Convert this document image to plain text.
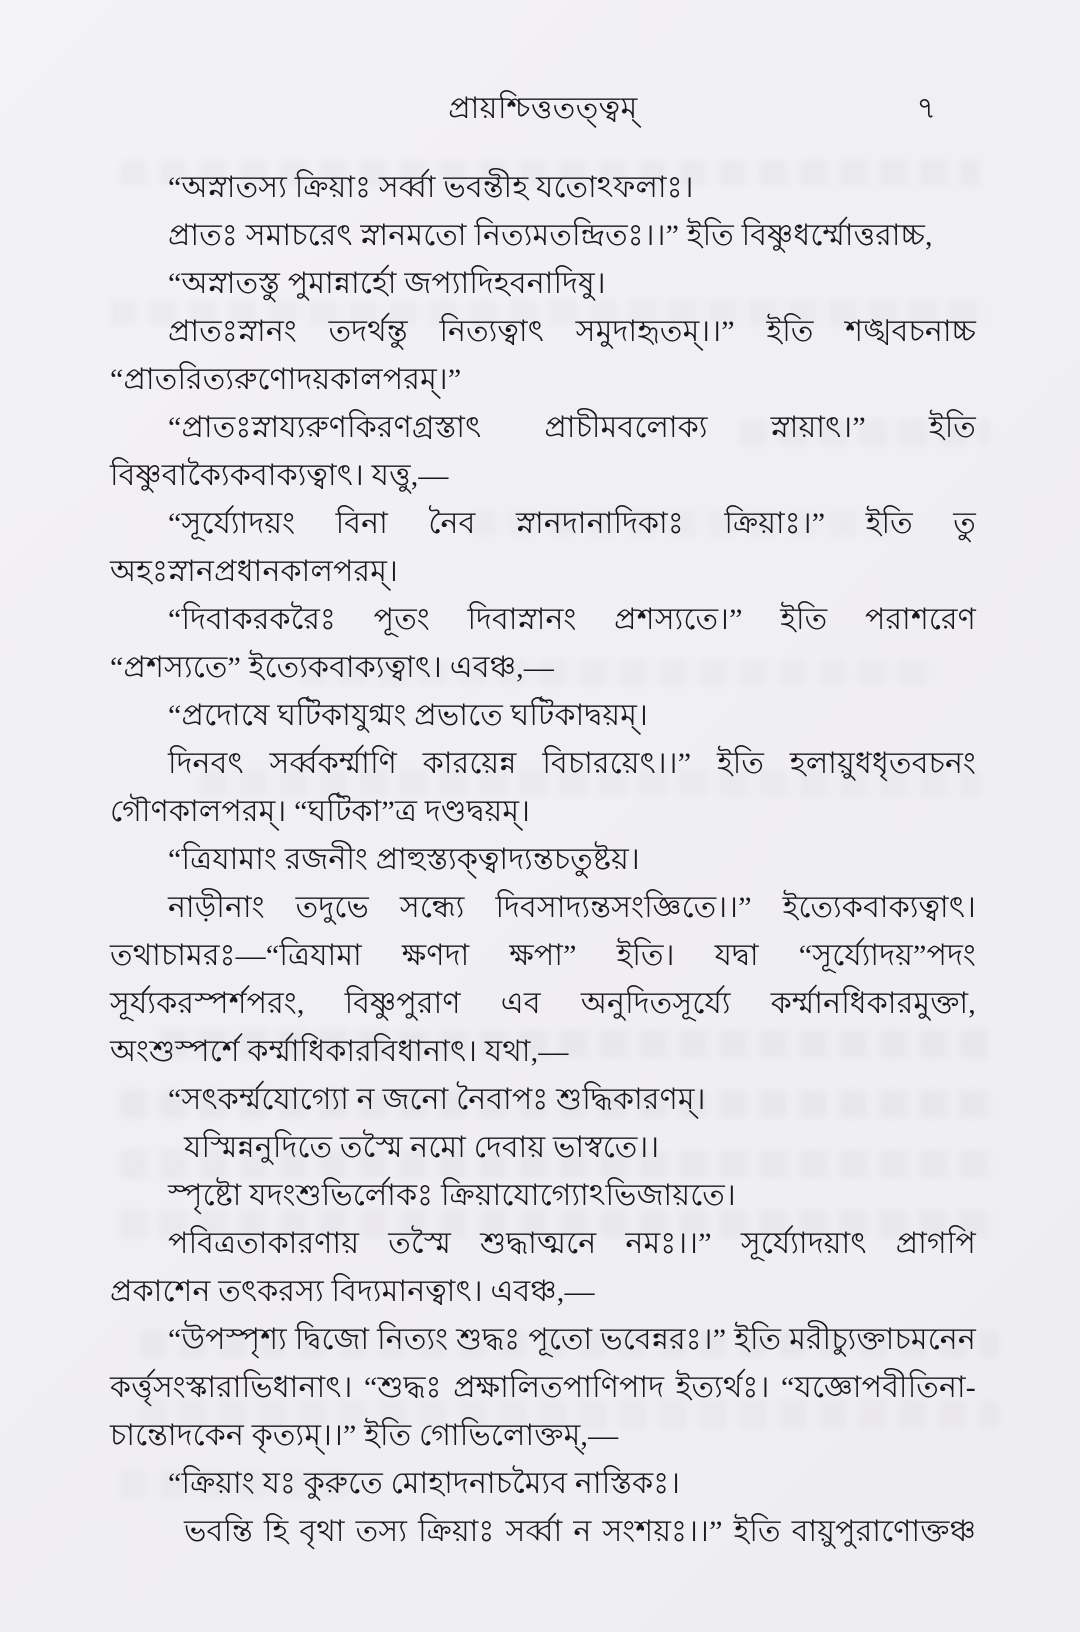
প্রায়শ্চিত্ততত্ত্বম্	৭
“অস্নাতস্য ক্রিয়াঃ সর্ব্বা ভবন্তীহ যতোঽফলাঃ।
প্রাতঃ সমাচরেৎ স্নানমতো নিত্যমতন্দ্রিতঃ।।” ইতি বিষ্ণুধর্ম্মোত্তরাচ্চ,
“অস্নাতস্তু পুমান্নার্হো জপ্যাদিহবনাদিষু।
প্রাতঃস্নানং তদর্থন্তু নিত্যত্বাৎ সমুদাহৃতম্।।” ইতি শঙ্খবচনাচ্চ
“প্রাতরিত্যরুণোদয়কালপরম্।”
“প্রাতঃস্নায্যরুণকিরণগ্রস্তাৎ প্রাচীমবলোক্য স্নায়াৎ।” ইতি
বিষ্ণুবাক্যৈকবাক্যত্বাৎ। যত্তু,—
“সূর্য্যোদয়ং বিনা নৈব স্নানদানাদিকাঃ ক্রিয়াঃ।” ইতি তু
অহঃস্নানপ্রধানকালপরম্।
“দিবাকরকরৈঃ পূতং দিবাস্নানং প্রশস্যতে।” ইতি পরাশরেণ
“প্রশস্যতে” ইত্যেকবাক্যত্বাৎ। এবঞ্চ,—
“প্রদোষে ঘটিকাযুগ্মং প্রভাতে ঘটিকাদ্বয়ম্।
দিনবৎ সর্ব্বকর্ম্মাণি কারয়েন্ন বিচারয়েৎ।।” ইতি হলায়ুধধৃতবচনং
গৌণকালপরম্। “ঘটিকা”ত্র দণ্ডদ্বয়ম্।
“ত্রিযামাং রজনীং প্রাহুস্ত্যক্ত্বাদ্যন্তচতুষ্টয়।
নাড়ীনাং তদুভে সন্ধ্যে দিবসাদ্যন্তসংজ্ঞিতে।।” ইত্যেকবাক্যত্বাৎ।
তথাচামরঃ—“ত্রিযামা ক্ষণদা ক্ষপা” ইতি। যদ্বা “সূর্য্যোদয়”পদং
সূর্য্যকরস্পর্শপরং, বিষ্ণুপুরাণ এব অনুদিতসূর্য্যে কর্ম্মানধিকারমুক্তা,
অংশুস্পর্শে কর্ম্মাধিকারবিধানাৎ। যথা,—
“সৎকর্ম্মযোগ্যো ন জনো নৈবাপঃ শুদ্ধিকারণম্।
যস্মিন্ননুদিতে তস্মৈ নমো দেবায় ভাস্বতে।।
স্পৃষ্টো যদংশুভির্লোকঃ ক্রিয়াযোগ্যোঽভিজায়তে।
পবিত্রতাকারণায় তস্মৈ শুদ্ধাত্মনে নমঃ।।” সূর্য্যোদয়াৎ প্রাগপি
প্রকাশেন তৎকরস্য বিদ্যমানত্বাৎ। এবঞ্চ,—
“উপস্পৃশ্য দ্বিজো নিত্যং শুদ্ধঃ পূতো ভবেন্নরঃ।” ইতি মরীচ্যুক্তাচমনেন
কর্ত্তৃসংস্কারাভিধানাৎ। “শুদ্ধঃ প্রক্ষালিতপাণিপাদ ইত্যর্থঃ। “যজ্ঞোপবীতিনা-
চান্তোদকেন কৃত্যম্।।” ইতি গোভিলোক্তম্,—
“ক্রিয়াং যঃ কুরুতে মোহাদনাচম্যৈব নাস্তিকঃ।
ভবন্তি হি বৃথা তস্য ক্রিয়াঃ সর্ব্বা ন সংশয়ঃ।।” ইতি বায়ুপুরাণোক্তঞ্চ
